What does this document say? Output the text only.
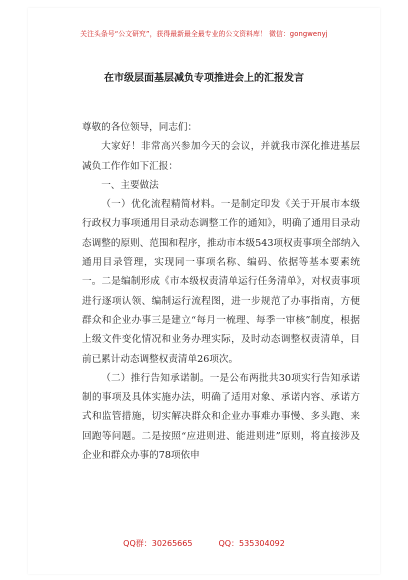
关注头条号“公文研究”，获得最新最全最专业的公文资料库！ 微信：gongwenyj
在市级层面基层减负专项推进会上的汇报发言

尊敬的各位领导，同志们：

大家好！非常高兴参加今天的会议，并就我市深化推进基层减负工作作如下汇报：

一、主要做法

（一）优化流程精简材料。一是制定印发《关于开展市本级行政权力事项通用目录动态调整工作的通知》，明确了通用目录动态调整的原则、范围和程序，推动市本级543项权责事项全部纳入通用目录管理，实现同一事项名称、编码、依据等基本要素统一。二是编制形成《市本级权责清单运行任务清单》，对权责事项进行逐项认领、编制运行流程图，进一步规范了办事指南，方便群众和企业办事三是建立“每月一梳理、每季一审核”制度，根据上级文件变化情况和业务办理实际，及时动态调整权责清单，目前已累计动态调整权责清单26项次。

（二）推行告知承诺制。一是公布两批共30项实行告知承诺制的事项及具体实施办法，明确了适用对象、承诺内容、承诺方式和监管措施，切实解决群众和企业办事难办事慢、多头跑、来回跑等问题。二是按照“应进则进、能进则进”原则，将直接涉及企业和群众办事的78项依申

QQ群：30265665	QQ：535304092
